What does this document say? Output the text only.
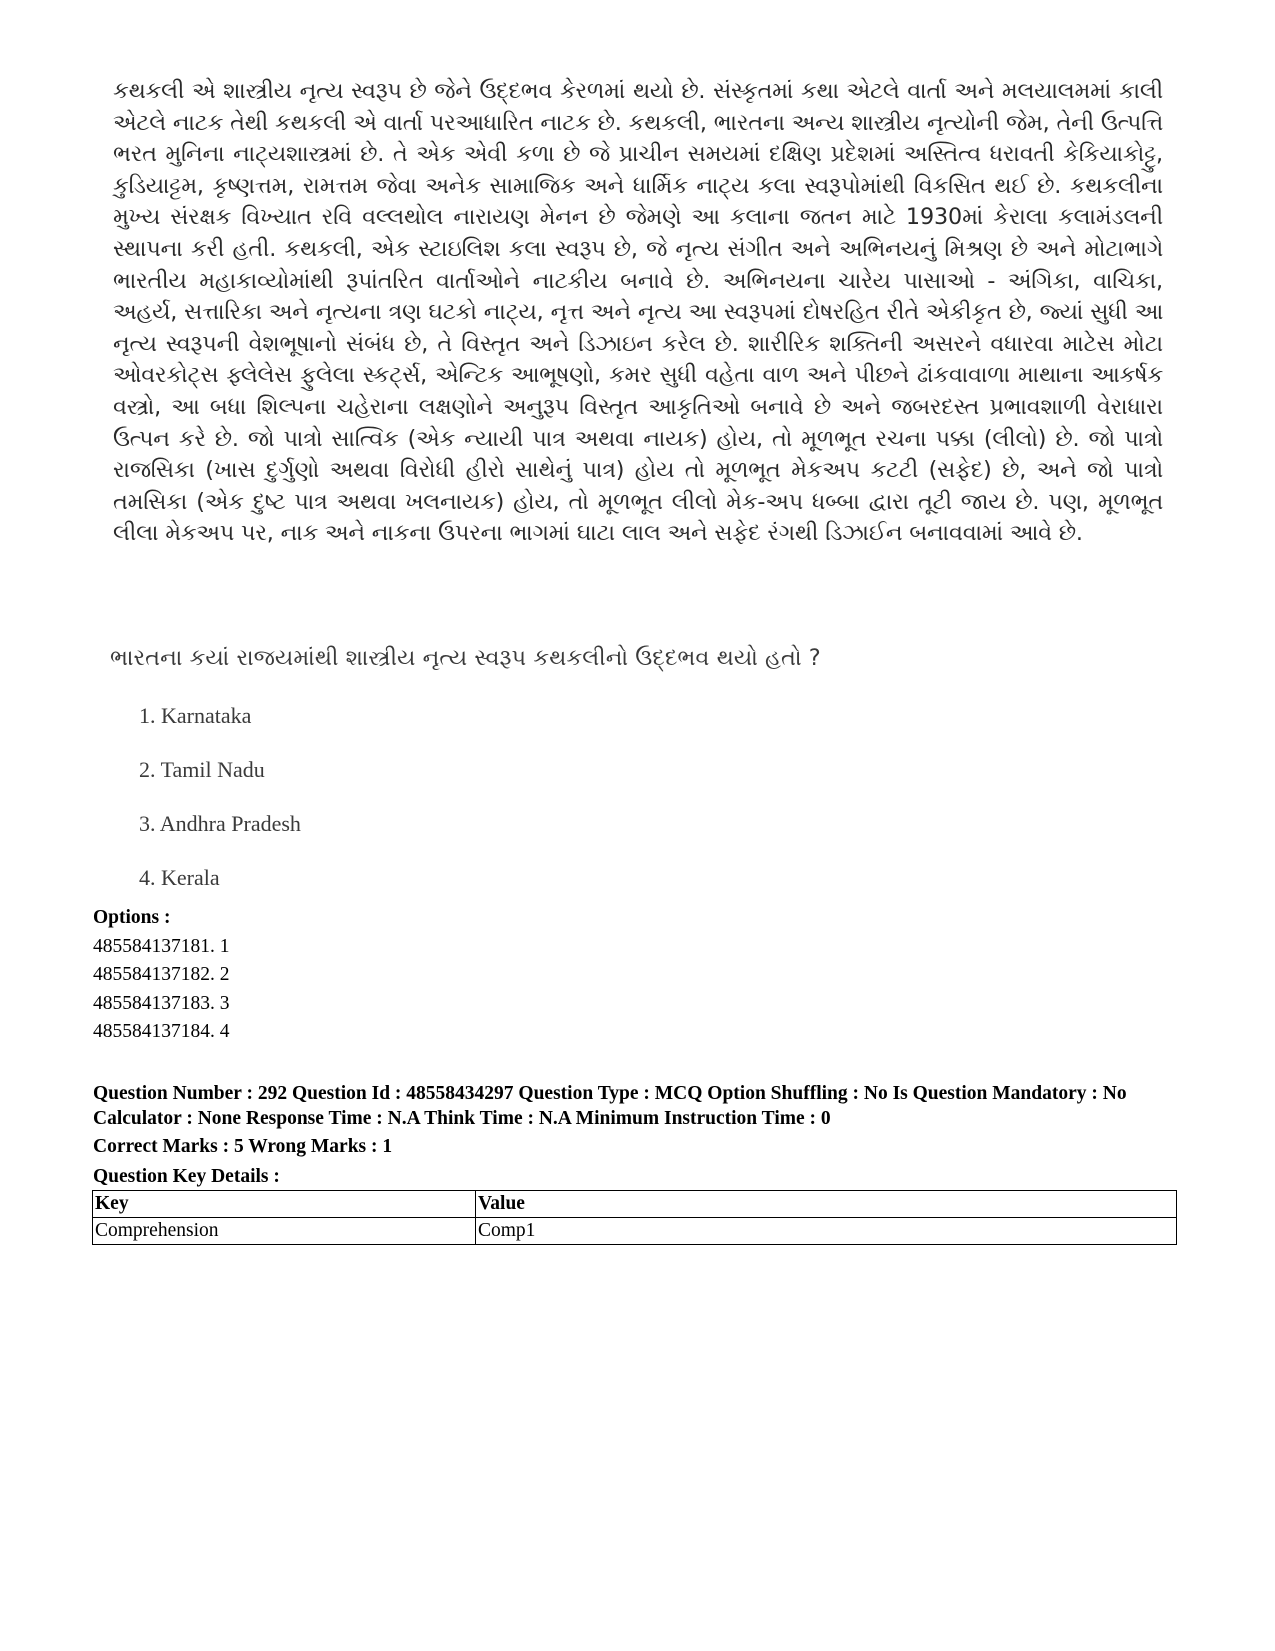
કથકલી એ શાસ્ત્રીય નૃત્ય સ્વરૂપ છે જેને ઉદ્દભવ કેરળમાં થયો છે. સંસ્કૃતમાં કથા એટલે વાર્તા અને મલયાલમમાં કાલી એટલે નાટક તેથી કથકલી એ વાર્તા પરઆધારિત નાટક છે. કથકલી, ભારતના અન્ય શાસ્ત્રીય નૃત્યોની જેમ, તેની ઉત્પત્તિ ભરત મુનિના નાટ્યશાસ્ત્રમાં છે. તે એક એવી કળા છે જે પ્રાચીન સમયમાં દક્ષિણ પ્રદેશમાં અસ્તિત્વ ધરાવતી કેકિયાકોટ્ટુ, કુડિયાટ્ટમ, કૃષ્ણત્તમ, રામત્તમ જેવા અનેક સામાજિક અને ધાર્મિક નાટ્ય કલા સ્વરૂપોમાંથી વિકસિત થઈ છે. કથકલીના મુખ્ય સંરક્ષક વિખ્યાત રવિ વલ્લથોલ નારાયણ મેનન છે જેમણે આ કલાના જતન માટે 1930માં કેરાલા કલામંડલની સ્થાપના કરી હતી. કથકલી, એક સ્ટાઇલિશ કલા સ્વરૂપ છે, જે નૃત્ય સંગીત અને અભિનયનું મિશ્રણ છે અને મોટાભાગે ભારતીય મહાકાવ્યોમાંથી રૂપાંતરિત વાર્તાઓને નાટકીય બનાવે છે. અભિનયના ચારેય પાસાઓ - અંગિકા, વાચિકા, અહર્ય, સત્તારિકા અને નૃત્યના ત્રણ ઘટકો નાટ્ય, નૃત્ત અને નૃત્ય આ સ્વરૂપમાં દોષરહિત રીતે એકીકૃત છે, જ્યાં સુધી આ નૃત્ય સ્વરૂપની વેશભૂષાનો સંબંધ છે, તે વિસ્તૃત અને ડિઝાઇન કરેલ છે. શારીરિક શક્તિની અસરને વધારવા માટેસ મોટા ઓવરકોટ્સ ફ્લેલેસ ફુલેલા સ્કર્ટ્સ, એન્ટિક આભૂષણો, કમર સુધી વહેતા વાળ અને પીછને ઢાંકવાવાળા માથાના આકર્ષક વસ્ત્રો, આ બધા શિલ્પના ચહેરાના લક્ષણોને અનુરૂપ વિસ્તૃત આકૃતિઓ બનાવે છે અને જબરદસ્ત પ્રભાવશાળી વેરાધારા ઉત્પન કરે છે. જો પાત્રો સાત્વિક (એક ન્યાયી પાત્ર અથવા નાયક) હોય, તો મૂળભૂત રચના પક્કા (લીલો) છે. જો પાત્રો રાજસિકા (ખાસ દુર્ગુણો અથવા વિરોધી હીરો સાથેનું પાત્ર) હોય તો મૂળભૂત મેકઅપ કટટી (સફેદ) છે, અને જો પાત્રો તમસિકા (એક દુષ્ટ પાત્ર અથવા ખલનાયક) હોય, તો મૂળભૂત લીલો મેક-અપ ધબ્બા દ્વારા તૂટી જાય છે. પણ, મૂળભૂત લીલા મેકઅપ પર, નાક અને નાકના ઉપરના ભાગમાં ઘાટા લાલ અને સફેદ રંગથી ડિઝાઈન બનાવવામાં આવે છે.
ભારતના કયાં રાજયમાંથી શાસ્ત્રીય નૃત્ય સ્વરૂપ કથકલીનો ઉદ્દભવ થયો હતો ?
1. Karnataka
2. Tamil Nadu
3. Andhra Pradesh
4. Kerala
Options :
485584137181. 1
485584137182. 2
485584137183. 3
485584137184. 4

Question Number : 292 Question Id : 48558434297 Question Type : MCQ Option Shuffling : No Is Question Mandatory : No Calculator : None Response Time : N.A Think Time : N.A Minimum Instruction Time : 0

Correct Marks : 5 Wrong Marks : 1

Question Key Details :

Key	Value
Comprehension	Comp1
